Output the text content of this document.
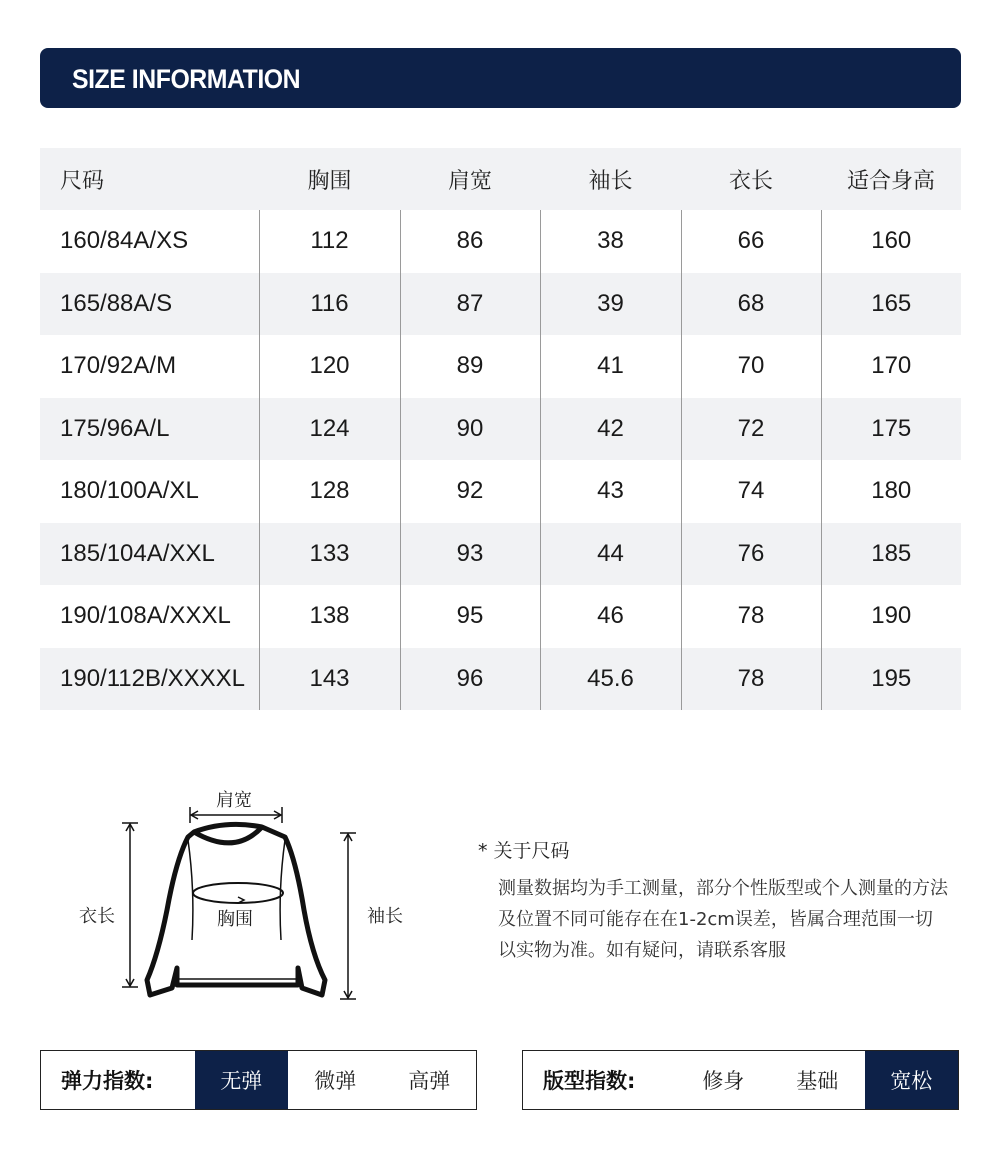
SIZE INFORMATION
尺码	胸围	肩宽	袖长	衣长	适合身高
160/84A/XS	112	86	38	66	160
165/88A/S	116	87	39	68	165
170/92A/M	120	89	41	70	170
175/96A/L	124	90	42	72	175
180/100A/XL	128	92	43	74	180
185/104A/XXL	133	93	44	76	185
190/108A/XXXL	138	95	46	78	190
190/112B/XXXXL	143	96	45.6	78	195
肩宽
衣长	胸围	袖长

* 关于尺码

测量数据均为手工测量，部分个性版型或个人测量的方法及位置不同可能存在在1-2cm误差，皆属合理范围一切以实物为准。如有疑问，请联系客服

弹力指数:	无弹	微弹	高弹	版型指数:	修身	基础	宽松
